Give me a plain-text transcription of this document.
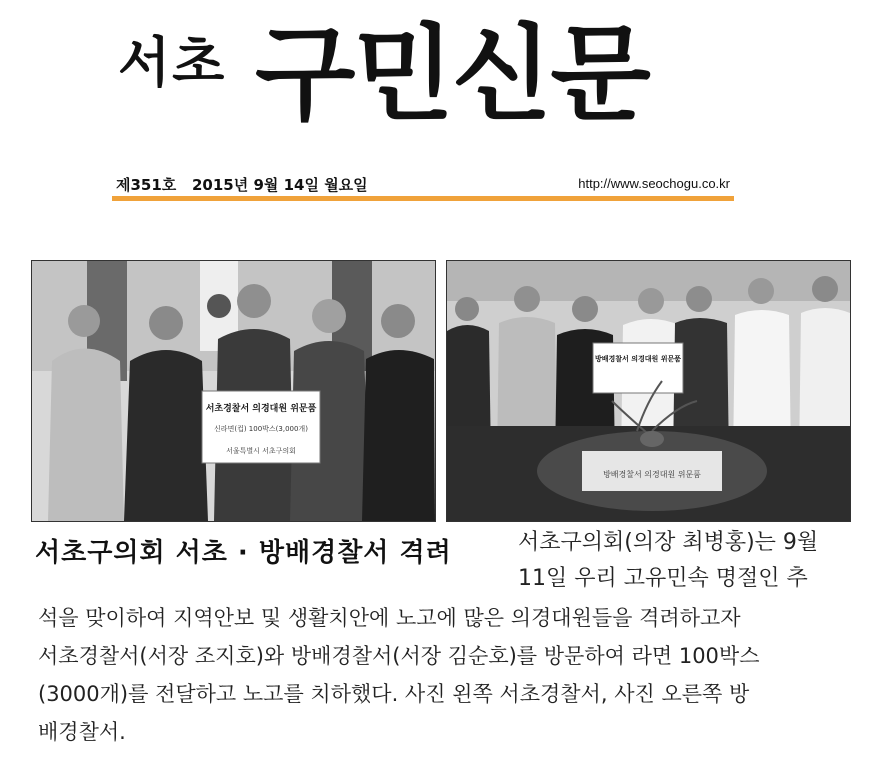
서초 구민신문
제351호 2015년 9월 14일 월요일	http://www.seochogu.co.kr
서초경찰서 의경대원 위문품
신라면(컵) 100박스(3,000개)
서울특별시 서초구의회
방배경찰서 의경대원 위문품
방배경찰서 의경대원 위문품
서초구의회 서초 · 방배경찰서 격려	서초구의회(의장 최병홍)는 9월
11일 우리 고유민속 명절인 추
석을 맞이하여 지역안보 및 생활치안에 노고에 많은 의경대원들을 격려하고자
서초경찰서(서장 조지호)와 방배경찰서(서장 김순호)를 방문하여 라면 100박스
(3000개)를 전달하고 노고를 치하했다. 사진 왼쪽 서초경찰서, 사진 오른쪽 방
배경찰서.
